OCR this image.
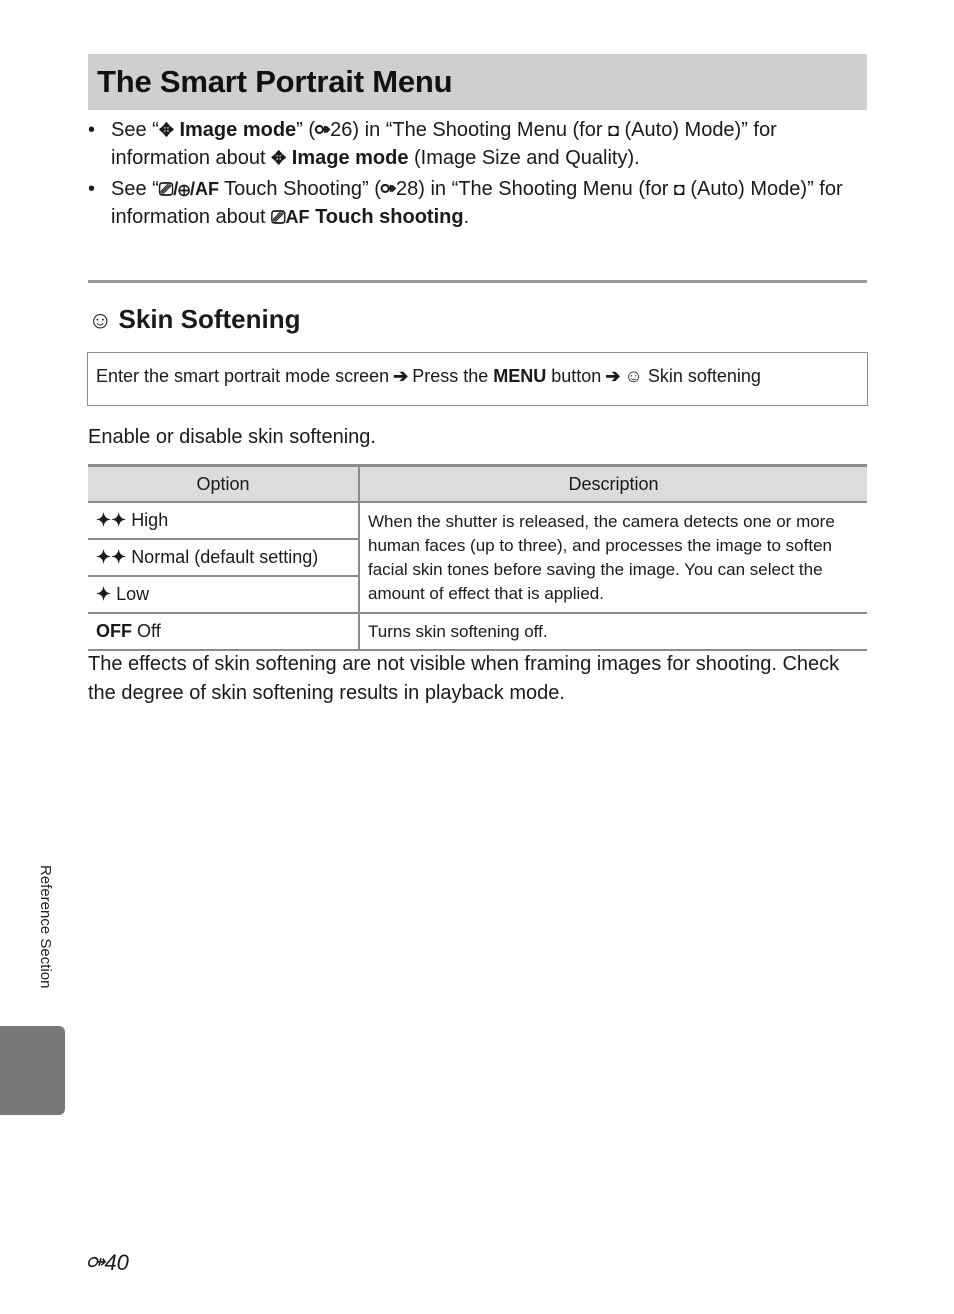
The Smart Portrait Menu
• See “✥ Image mode” (⚩26) in “The Shooting Menu (for ◘ (Auto) Mode)” for information about ✥ Image mode (Image Size and Quality).
• See “⎚/⊕/AF Touch Shooting” (⚩28) in “The Shooting Menu (for ◘ (Auto) Mode)” for information about ⎚AF Touch shooting.
☺ Skin Softening
Enter the smart portrait mode screen ➔ Press the MENU button ➔ ☺ Skin softening
Enable or disable skin softening.
Option	Description
✦✦ High	When the shutter is released, the camera detects one or more human faces (up to three), and processes the image to soften facial skin tones before saving the image. You can select the amount of effect that is applied.
✦✦ Normal (default setting)	
✦ Low	
OFF Off	Turns skin softening off.
The effects of skin softening are not visible when framing images for shooting. Check the degree of skin softening results in playback mode.
Reference Section
⚩40
